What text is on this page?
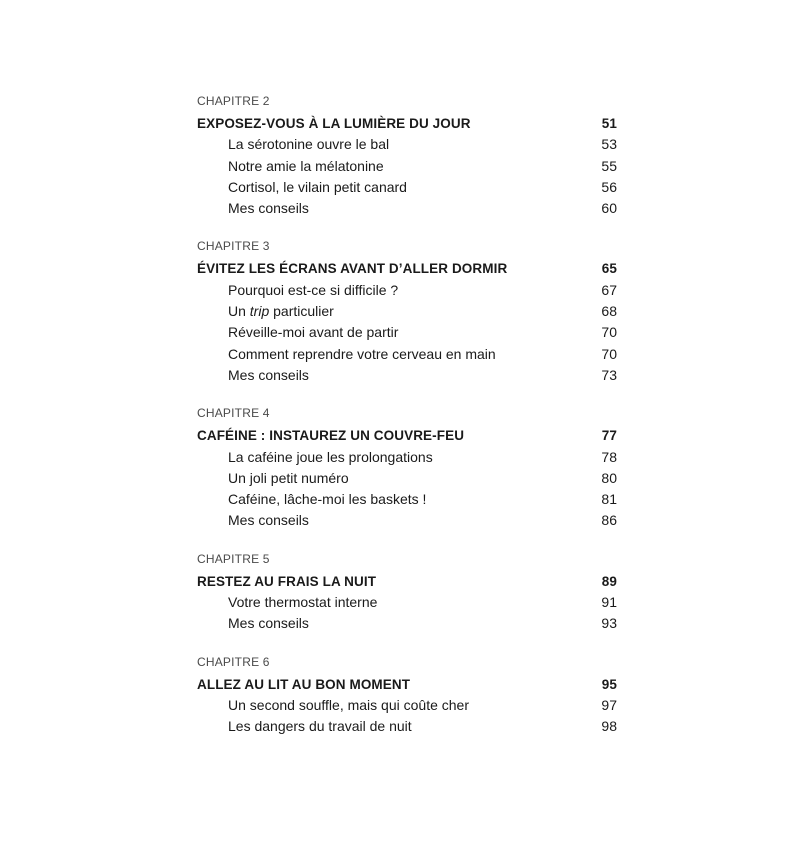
CHAPITRE 2
EXPOSEZ-VOUS À LA LUMIÈRE DU JOUR	51
La sérotonine ouvre le bal	53
Notre amie la mélatonine	55
Cortisol, le vilain petit canard	56
Mes conseils	60
CHAPITRE 3
ÉVITEZ LES ÉCRANS AVANT D’ALLER DORMIR	65
Pourquoi est-ce si difficile ?	67
Un trip particulier	68
Réveille-moi avant de partir	70
Comment reprendre votre cerveau en main	70
Mes conseils	73
CHAPITRE 4
CAFÉINE : INSTAUREZ UN COUVRE-FEU	77
La caféine joue les prolongations	78
Un joli petit numéro	80
Caféine, lâche-moi les baskets !	81
Mes conseils	86
CHAPITRE 5
RESTEZ AU FRAIS LA NUIT	89
Votre thermostat interne	91
Mes conseils	93
CHAPITRE 6
ALLEZ AU LIT AU BON MOMENT	95
Un second souffle, mais qui coûte cher	97
Les dangers du travail de nuit	98
